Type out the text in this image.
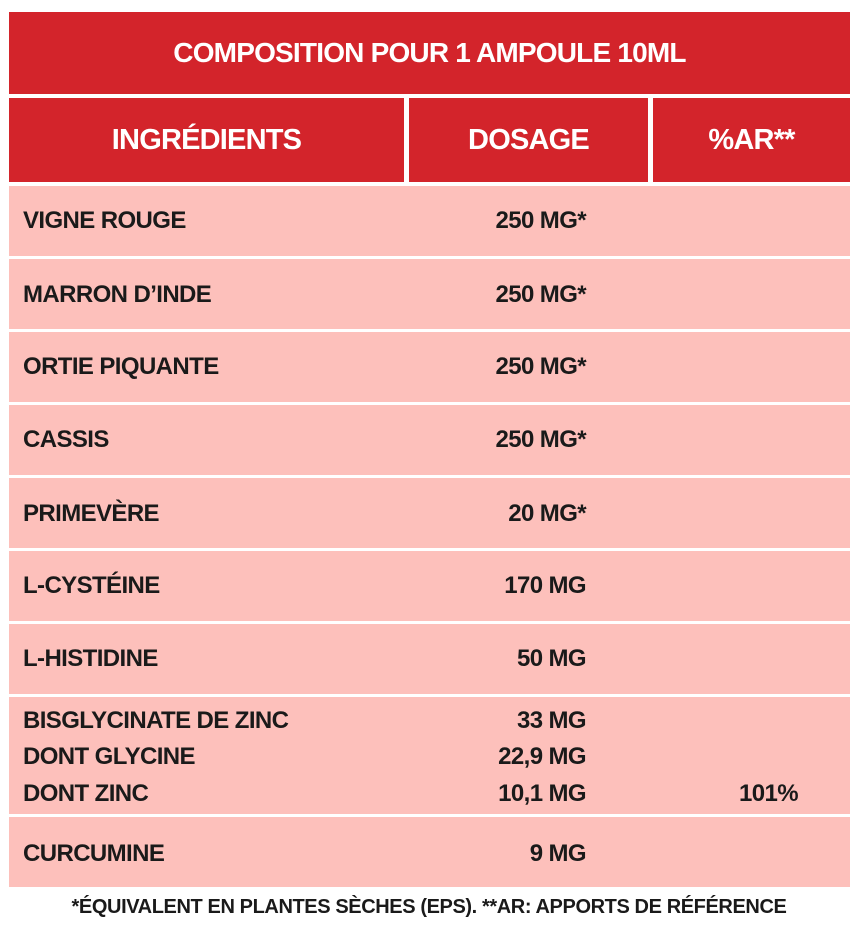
COMPOSITION POUR 1 AMPOULE 10ML
INGRÉDIENTS	DOSAGE	%AR**
VIGNE ROUGE	250 MG*
MARRON D’INDE	250 MG*
ORTIE PIQUANTE	250 MG*
CASSIS	250 MG*
PRIMEVÈRE	20 MG*
L-CYSTÉINE	170 MG
L-HISTIDINE	50 MG
BISGLYCINATE DE ZINC	33 MG
DONT GLYCINE	22,9 MG
DONT ZINC	10,1 MG	101%
CURCUMINE	9 MG
*ÉQUIVALENT EN PLANTES SÈCHES (EPS). **AR: APPORTS DE RÉFÉRENCE
